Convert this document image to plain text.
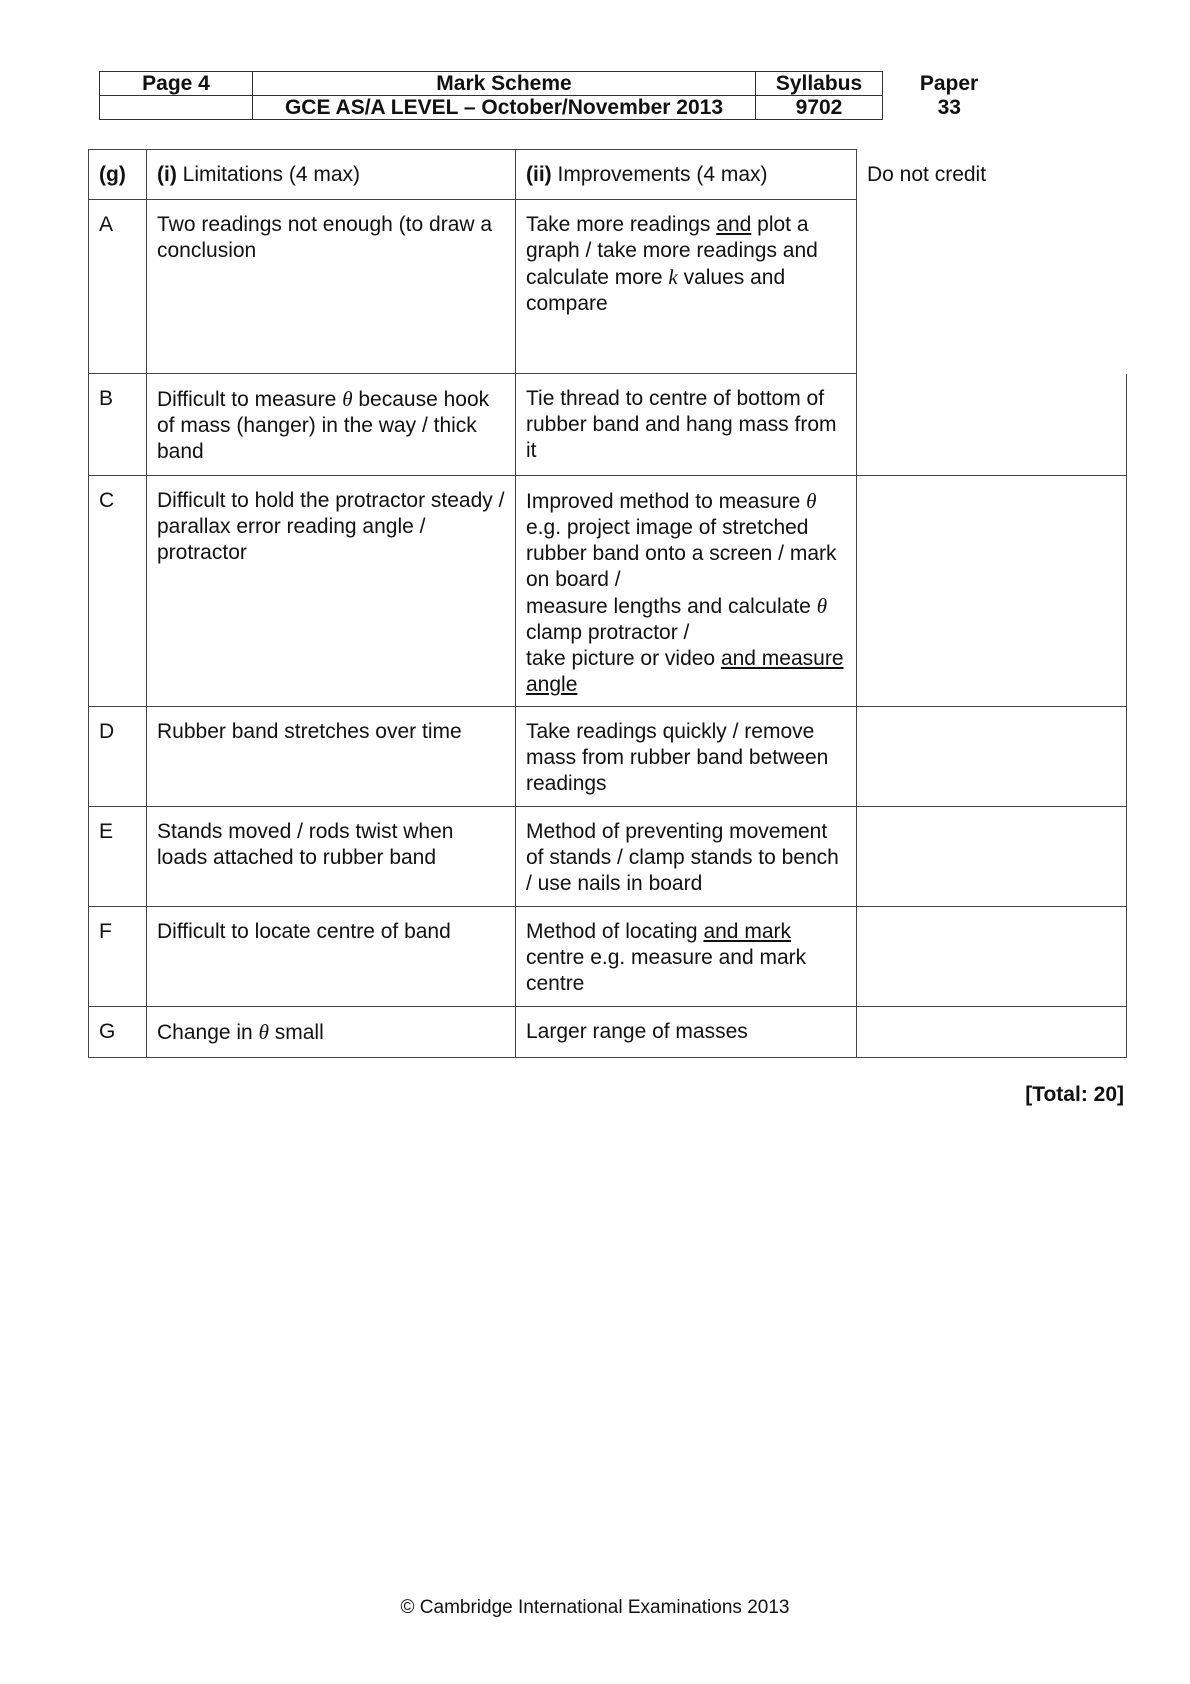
Page 4	Mark Scheme	Syllabus	Paper
	GCE AS/A LEVEL – October/November 2013	9702	33
(g)	(i) Limitations (4 max)	(ii) Improvements (4 max)	Do not credit
A	Two readings not enough (to draw a conclusion	Take more readings and plot a graph / take more readings and calculate more k values and compare	
B	Difficult to measure θ because hook of mass (hanger) in the way / thick band	Tie thread to centre of bottom of rubber band and hang mass from it	
C	Difficult to hold the protractor steady / parallax error reading angle / protractor	Improved method to measure θ
e.g. project image of stretched rubber band onto a screen / mark on board /
measure lengths and calculate θ
clamp protractor /
take picture or video and measure angle	
D	Rubber band stretches over time	Take readings quickly / remove mass from rubber band between readings	
E	Stands moved / rods twist when loads attached to rubber band	Method of preventing movement of stands / clamp stands to bench / use nails in board	
F	Difficult to locate centre of band	Method of locating and mark centre e.g. measure and mark centre	
G	Change in θ small	Larger range of masses	
[Total: 20]
© Cambridge International Examinations 2013
